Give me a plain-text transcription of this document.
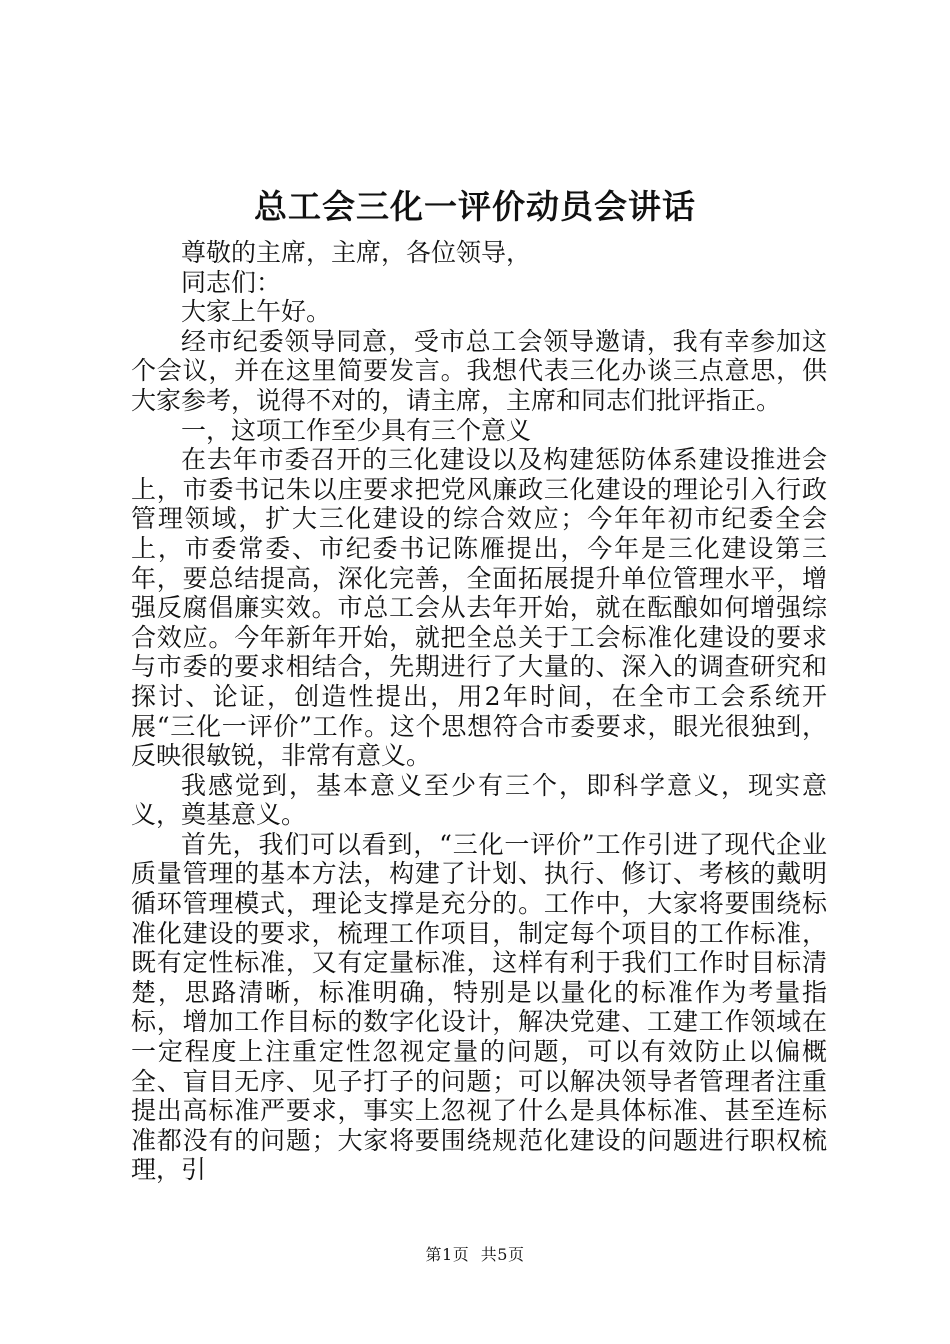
总工会三化一评价动员会讲话

尊敬的主席，主席，各位领导，

同志们：

大家上午好。

经市纪委领导同意，受市总工会领导邀请，我有幸参加这个会议，并在这里简要发言。我想代表三化办谈三点意思，供大家参考，说得不对的，请主席，主席和同志们批评指正。

一，这项工作至少具有三个意义

在去年市委召开的三化建设以及构建惩防体系建设推进会上，市委书记朱以庄要求把党风廉政三化建设的理论引入行政管理领域，扩大三化建设的综合效应；今年年初市纪委全会上，市委常委、市纪委书记陈雁提出，今年是三化建设第三年，要总结提高，深化完善，全面拓展提升单位管理水平，增强反腐倡廉实效。市总工会从去年开始，就在酝酿如何增强综合效应。今年新年开始，就把全总关于工会标准化建设的要求与市委的要求相结合，先期进行了大量的、深入的调查研究和探讨、论证，创造性提出，用2年时间，在全市工会系统开展“三化一评价”工作。这个思想符合市委要求，眼光很独到，反映很敏锐，非常有意义。

我感觉到，基本意义至少有三个，即科学意义，现实意义，奠基意义。

首先，我们可以看到，“三化一评价”工作引进了现代企业质量管理的基本方法，构建了计划、执行、修订、考核的戴明循环管理模式，理论支撑是充分的。工作中，大家将要围绕标准化建设的要求，梳理工作项目，制定每个项目的工作标准，既有定性标准，又有定量标准，这样有利于我们工作时目标清楚，思路清晰，标准明确，特别是以量化的标准作为考量指标，增加工作目标的数字化设计，解决党建、工建工作领域在一定程度上注重定性忽视定量的问题，可以有效防止以偏概全、盲目无序、见子打子的问题；可以解决领导者管理者注重提出高标准严要求，事实上忽视了什么是具体标准、甚至连标准都没有的问题；大家将要围绕规范化建设的问题进行职权梳理，引

第1页 共5页
